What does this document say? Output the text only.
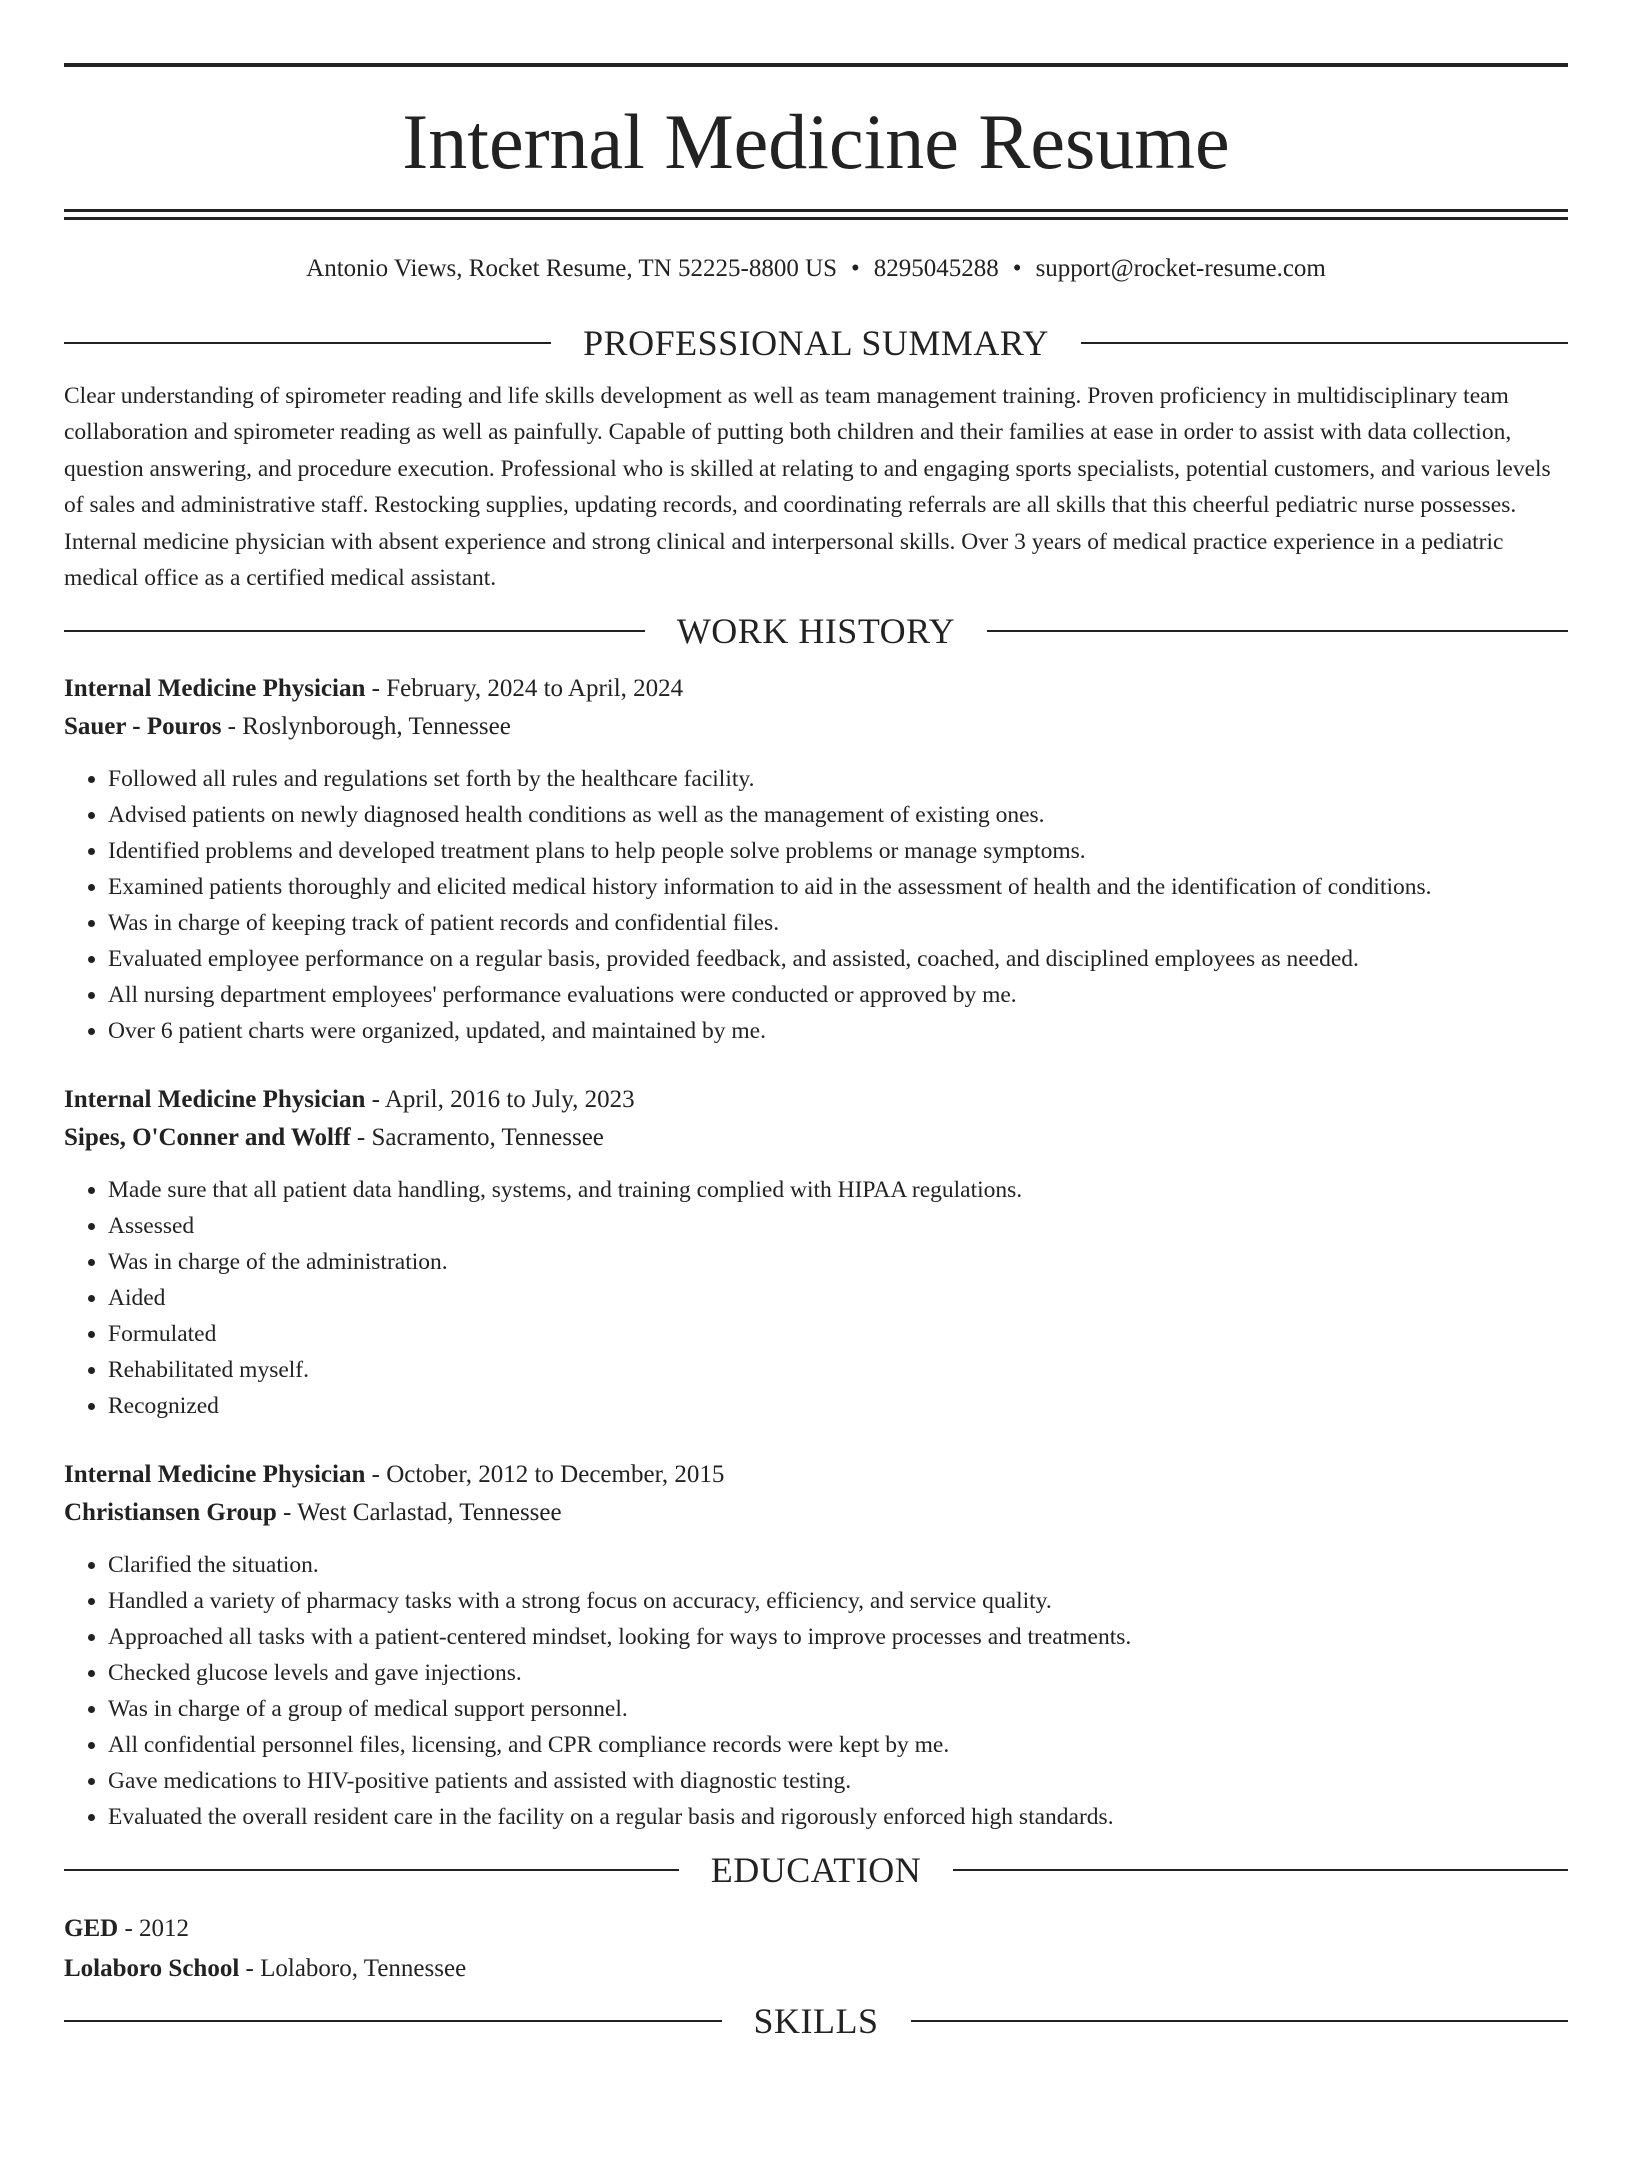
Internal Medicine Resume
Antonio Views, Rocket Resume, TN 52225-8800 US • 8295045288 • support@rocket-resume.com
PROFESSIONAL SUMMARY

Clear understanding of spirometer reading and life skills development as well as team management training. Proven proficiency in multidisciplinary team collaboration and spirometer reading as well as painfully. Capable of putting both children and their families at ease in order to assist with data collection, question answering, and procedure execution. Professional who is skilled at relating to and engaging sports specialists, potential customers, and various levels of sales and administrative staff. Restocking supplies, updating records, and coordinating referrals are all skills that this cheerful pediatric nurse possesses. Internal medicine physician with absent experience and strong clinical and interpersonal skills. Over 3 years of medical practice experience in a pediatric medical office as a certified medical assistant.

WORK HISTORY

Internal Medicine Physician - February, 2024 to April, 2024

Sauer - Pouros - Roslynborough, Tennessee

• Followed all rules and regulations set forth by the healthcare facility.
• Advised patients on newly diagnosed health conditions as well as the management of existing ones.
• Identified problems and developed treatment plans to help people solve problems or manage symptoms.
• Examined patients thoroughly and elicited medical history information to aid in the assessment of health and the identification of conditions.
• Was in charge of keeping track of patient records and confidential files.
• Evaluated employee performance on a regular basis, provided feedback, and assisted, coached, and disciplined employees as needed.
• All nursing department employees' performance evaluations were conducted or approved by me.
• Over 6 patient charts were organized, updated, and maintained by me.

Internal Medicine Physician - April, 2016 to July, 2023

Sipes, O'Conner and Wolff - Sacramento, Tennessee

• Made sure that all patient data handling, systems, and training complied with HIPAA regulations.
• Assessed
• Was in charge of the administration.
• Aided
• Formulated
• Rehabilitated myself.
• Recognized

Internal Medicine Physician - October, 2012 to December, 2015

Christiansen Group - West Carlastad, Tennessee

• Clarified the situation.
• Handled a variety of pharmacy tasks with a strong focus on accuracy, efficiency, and service quality.
• Approached all tasks with a patient-centered mindset, looking for ways to improve processes and treatments.
• Checked glucose levels and gave injections.
• Was in charge of a group of medical support personnel.
• All confidential personnel files, licensing, and CPR compliance records were kept by me.
• Gave medications to HIV-positive patients and assisted with diagnostic testing.
• Evaluated the overall resident care in the facility on a regular basis and rigorously enforced high standards.
EDUCATION

GED - 2012

Lolaboro School - Lolaboro, Tennessee

SKILLS
